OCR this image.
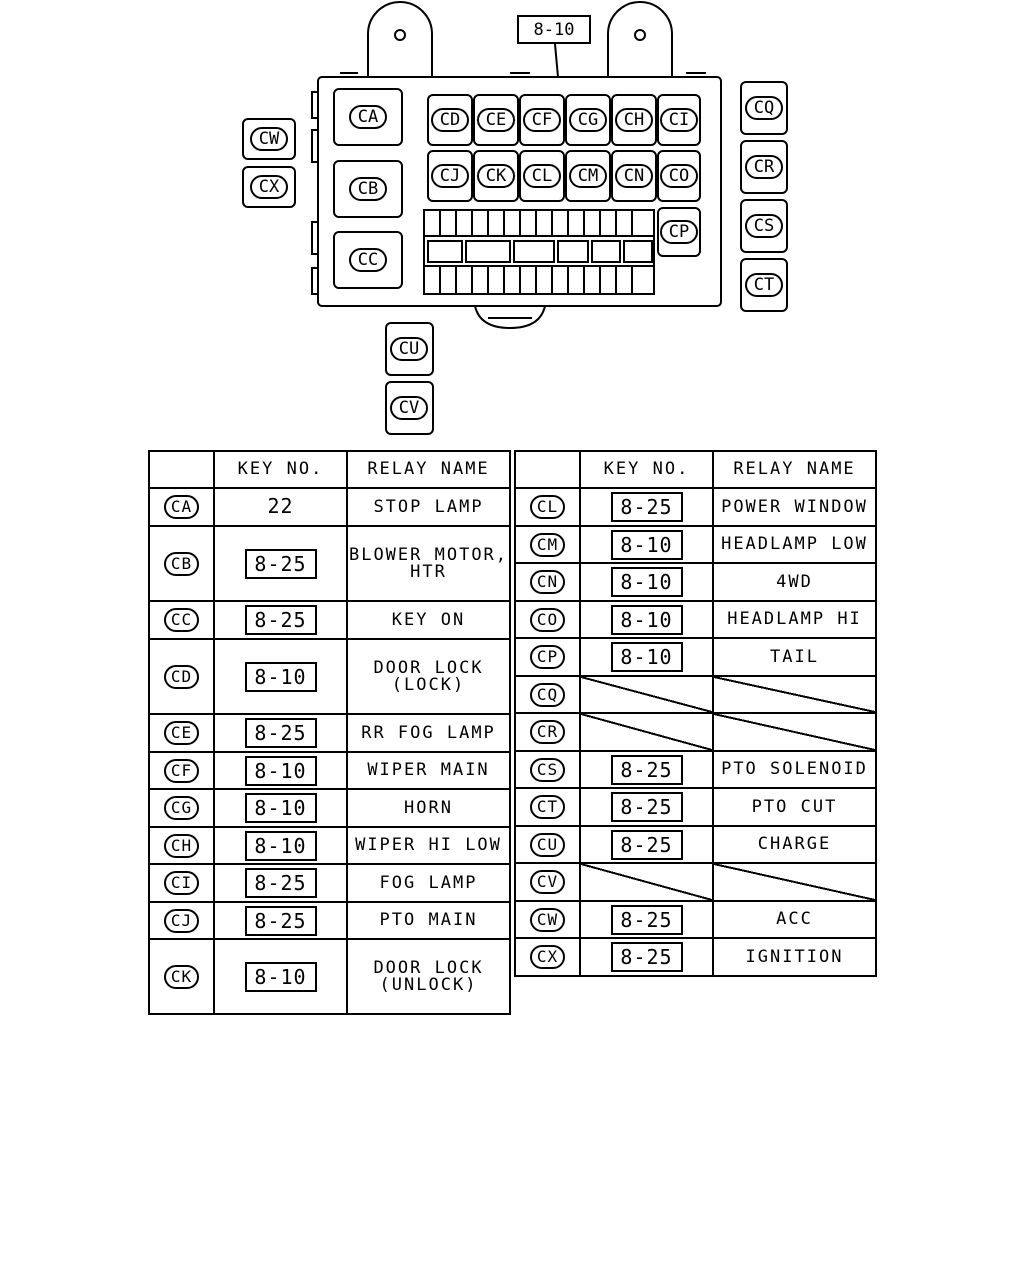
8-10
CA
CB
CC
CD CE CF CG CH CI
CJ CK CL CM CN CO
CP
CQ
CR
CS
CT
CW
CX
CU
CV
	KEY NO.	RELAY NAME
CA	22	STOP LAMP
CB	8-25	BLOWER MOTOR,
HTR

CC	8-25	KEY ON
CD	8-10	DOOR LOCK
(LOCK)

CE	8-25	RR FOG LAMP
CF	8-10	WIPER MAIN
CG	8-10	HORN
CH	8-10	WIPER HI LOW
CI	8-25	FOG LAMP
CJ	8-25	PTO MAIN
CK	8-10	DOOR LOCK
(UNLOCK)
	KEY NO.	RELAY NAME
CL	8-25	POWER WINDOW
CM	8-10	HEADLAMP LOW
CN	8-10	4WD
CO	8-10	HEADLAMP HI
CP	8-10	TAIL
CQ		
CR		
CS	8-25	PTO SOLENOID
CT	8-25	PTO CUT
CU	8-25	CHARGE
CV		
CW	8-25	ACC
CX	8-25	IGNITION
